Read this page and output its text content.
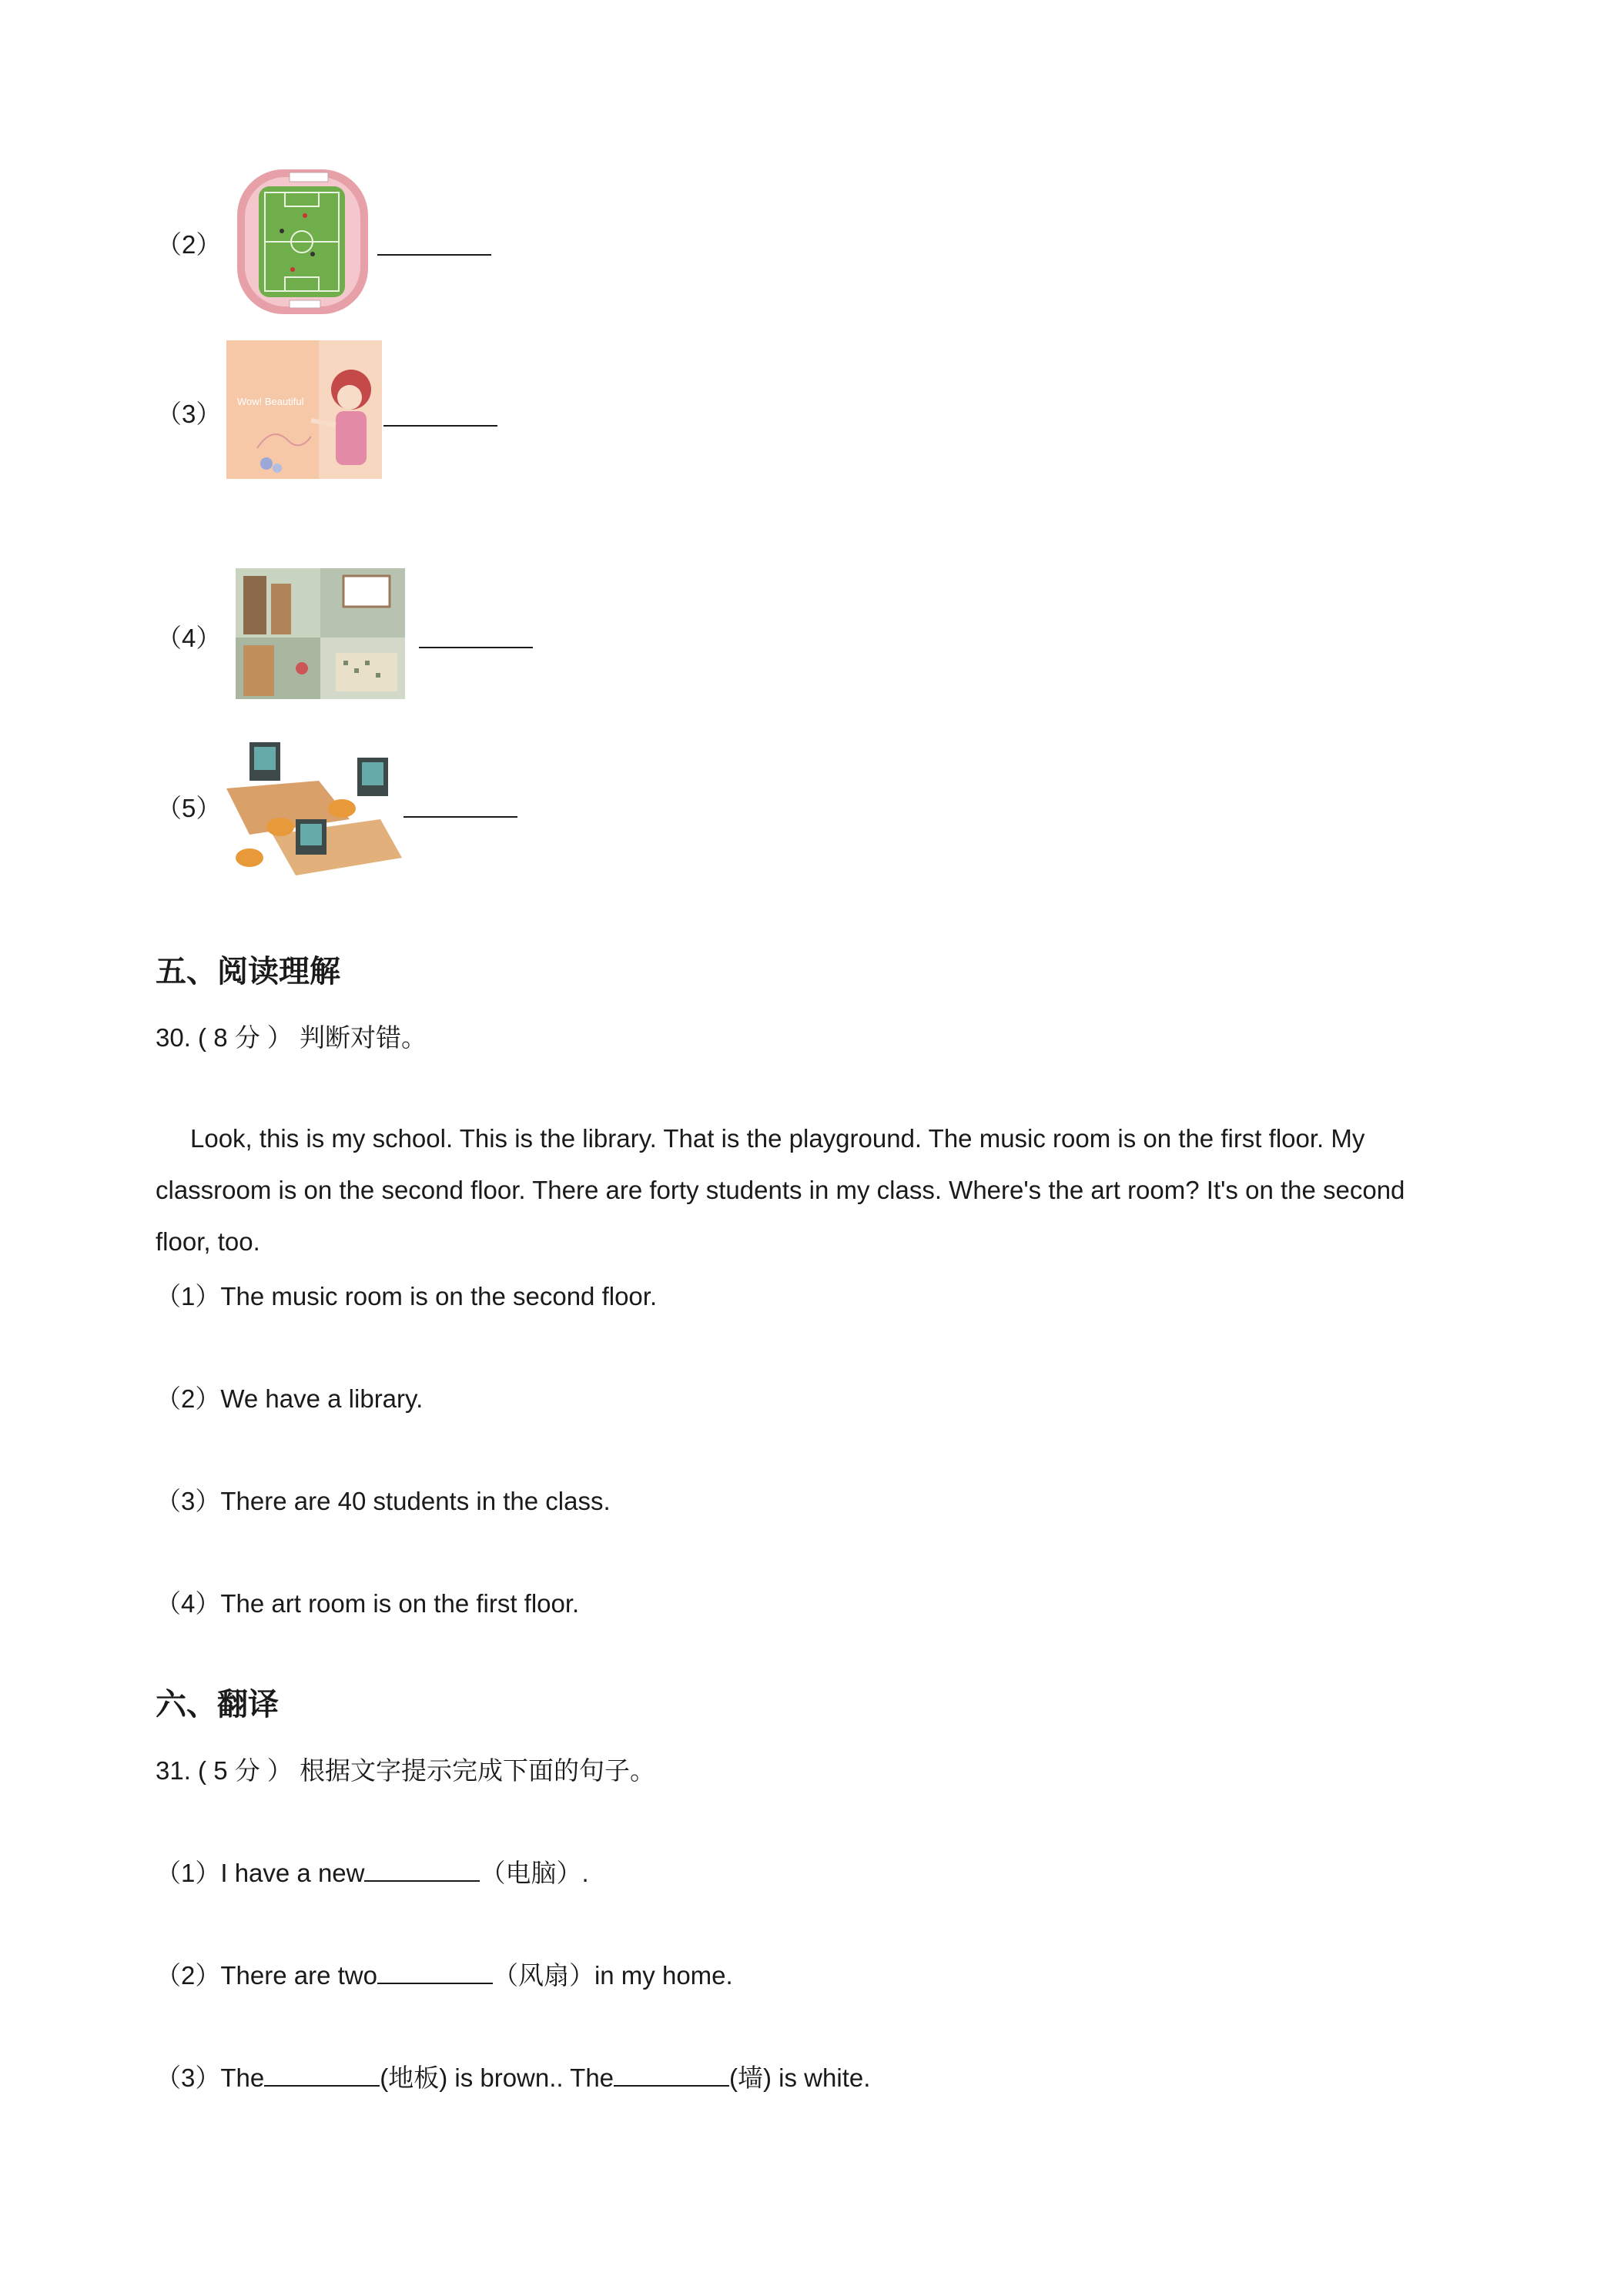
（2）
（3） Wow! Beautiful
（4）
（5）
五、阅读理解
30. ( 8 分 ） 判断对错。
Look, this is my school. This is the library. That is the playground. The music room is on the first floor. My classroom is on the second floor. There are forty students in my class. Where's the art room? It's on the second floor, too.
（1）The music room is on the second floor.
（2）We have a library.
（3）There are 40 students in the class.
（4）The art room is on the first floor.
六、翻译
31. ( 5 分 ） 根据文字提示完成下面的句子。
（1）I have a new	（电脑）.
（2）There are two	（风扇）in my home.
（3）The	(地板) is brown.. The	(墙) is white.
